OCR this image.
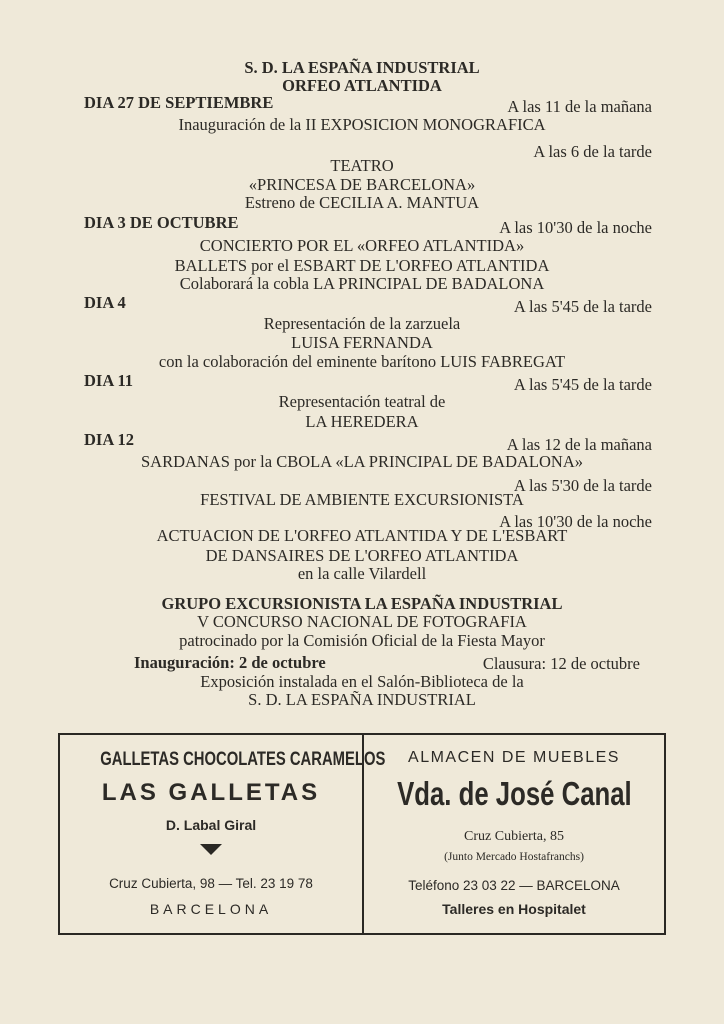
S. D. LA ESPAÑA INDUSTRIAL
ORFEO ATLANTIDA
DIA 27 DE SEPTIEMBRE	A las 11 de la mañana
Inauguración de la II EXPOSICION MONOGRAFICA
A las 6 de la tarde
TEATRO
«PRINCESA DE BARCELONA»
Estreno de CECILIA A. MANTUA
DIA 3 DE OCTUBRE	A las 10'30 de la noche
CONCIERTO POR EL «ORFEO ATLANTIDA»
BALLETS por el ESBART DE L'ORFEO ATLANTIDA
Colaborará la cobla LA PRINCIPAL DE BADALONA
DIA 4	A las 5'45 de la tarde
Representación de la zarzuela
LUISA FERNANDA
con la colaboración del eminente barítono LUIS FABREGAT
DIA 11	A las 5'45 de la tarde
Representación teatral de
LA HEREDERA
DIA 12	A las 12 de la mañana
SARDANAS por la CBOLA «LA PRINCIPAL DE BADALONA»
A las 5'30 de la tarde
FESTIVAL DE AMBIENTE EXCURSIONISTA
A las 10'30 de la noche
ACTUACION DE L'ORFEO ATLANTIDA Y DE L'ESBART
DE DANSAIRES DE L'ORFEO ATLANTIDA
en la calle Vilardell
GRUPO EXCURSIONISTA LA ESPAÑA INDUSTRIAL
V CONCURSO NACIONAL DE FOTOGRAFIA
patrocinado por la Comisión Oficial de la Fiesta Mayor
Inauguración: 2 de octubre	Clausura: 12 de octubre
Exposición instalada en el Salón-Biblioteca de la
S. D. LA ESPAÑA INDUSTRIAL
GALLETAS CHOCOLATES CARAMELOS
LAS GALLETAS
D. Labal Giral
Cruz Cubierta, 98 — Tel. 23 19 78
BARCELONA
ALMACEN DE MUEBLES
Vda. de José Canal
Cruz Cubierta, 85
(Junto Mercado Hostafranchs)
Teléfono 23 03 22 — BARCELONA
Talleres en Hospitalet
